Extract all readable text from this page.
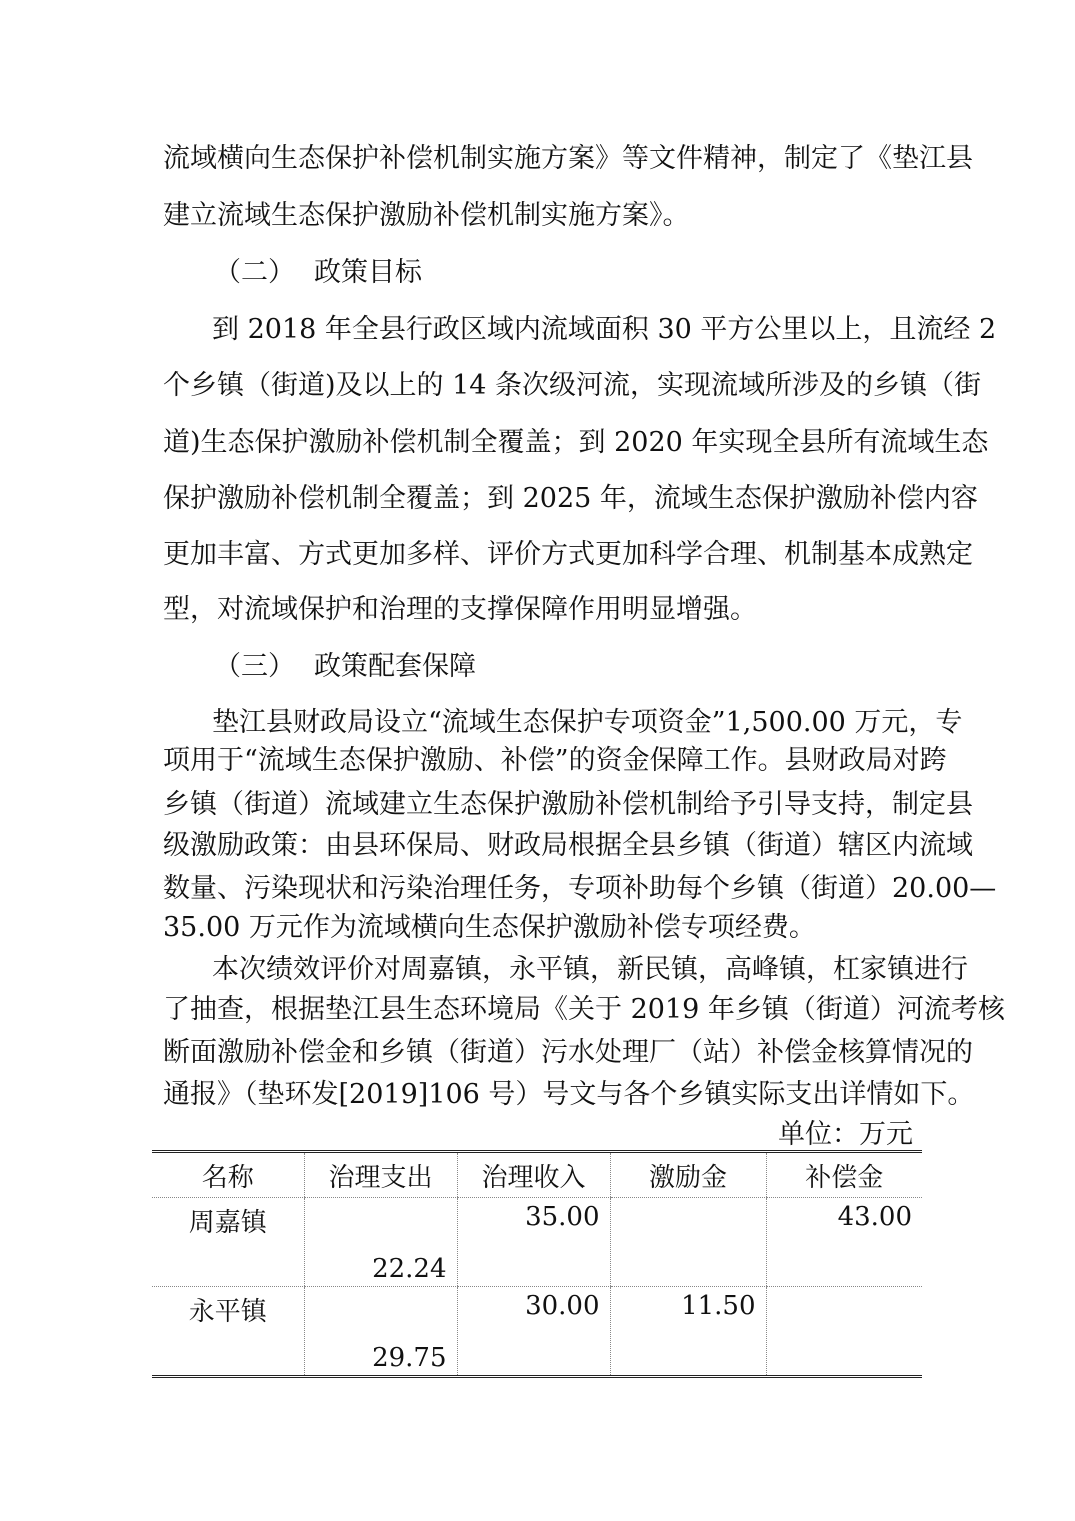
流域横向生态保护补偿机制实施方案》等文件精神，制定了《垫江县
建立流域生态保护激励补偿机制实施方案》。
（二） 政策目标
到 2018 年全县行政区域内流域面积 30 平方公里以上，且流经 2
个乡镇（街道)及以上的 14 条次级河流，实现流域所涉及的乡镇（街
道)生态保护激励补偿机制全覆盖；到 2020 年实现全县所有流域生态
保护激励补偿机制全覆盖；到 2025 年，流域生态保护激励补偿内容
更加丰富、方式更加多样、评价方式更加科学合理、机制基本成熟定
型，对流域保护和治理的支撑保障作用明显增强。
（三） 政策配套保障
垫江县财政局设立“流域生态保护专项资金”1,500.00 万元，专
项用于“流域生态保护激励、补偿”的资金保障工作。县财政局对跨
乡镇（街道）流域建立生态保护激励补偿机制给予引导支持，制定县
级激励政策：由县环保局、财政局根据全县乡镇（街道）辖区内流域
数量、污染现状和污染治理任务，专项补助每个乡镇（街道）20.00—
35.00 万元作为流域横向生态保护激励补偿专项经费。
本次绩效评价对周嘉镇，永平镇，新民镇，高峰镇，杠家镇进行
了抽查，根据垫江县生态环境局《关于 2019 年乡镇（街道）河流考核
断面激励补偿金和乡镇（街道）污水处理厂（站）补偿金核算情况的
通报》（垫环发[2019]106 号）号文与各个乡镇实际支出详情如下。
单位：万元
名称	治理支出	治理收入	激励金	补偿金
周嘉镇	22.24	35.00		43.00
永平镇	29.75	30.00	11.50	
